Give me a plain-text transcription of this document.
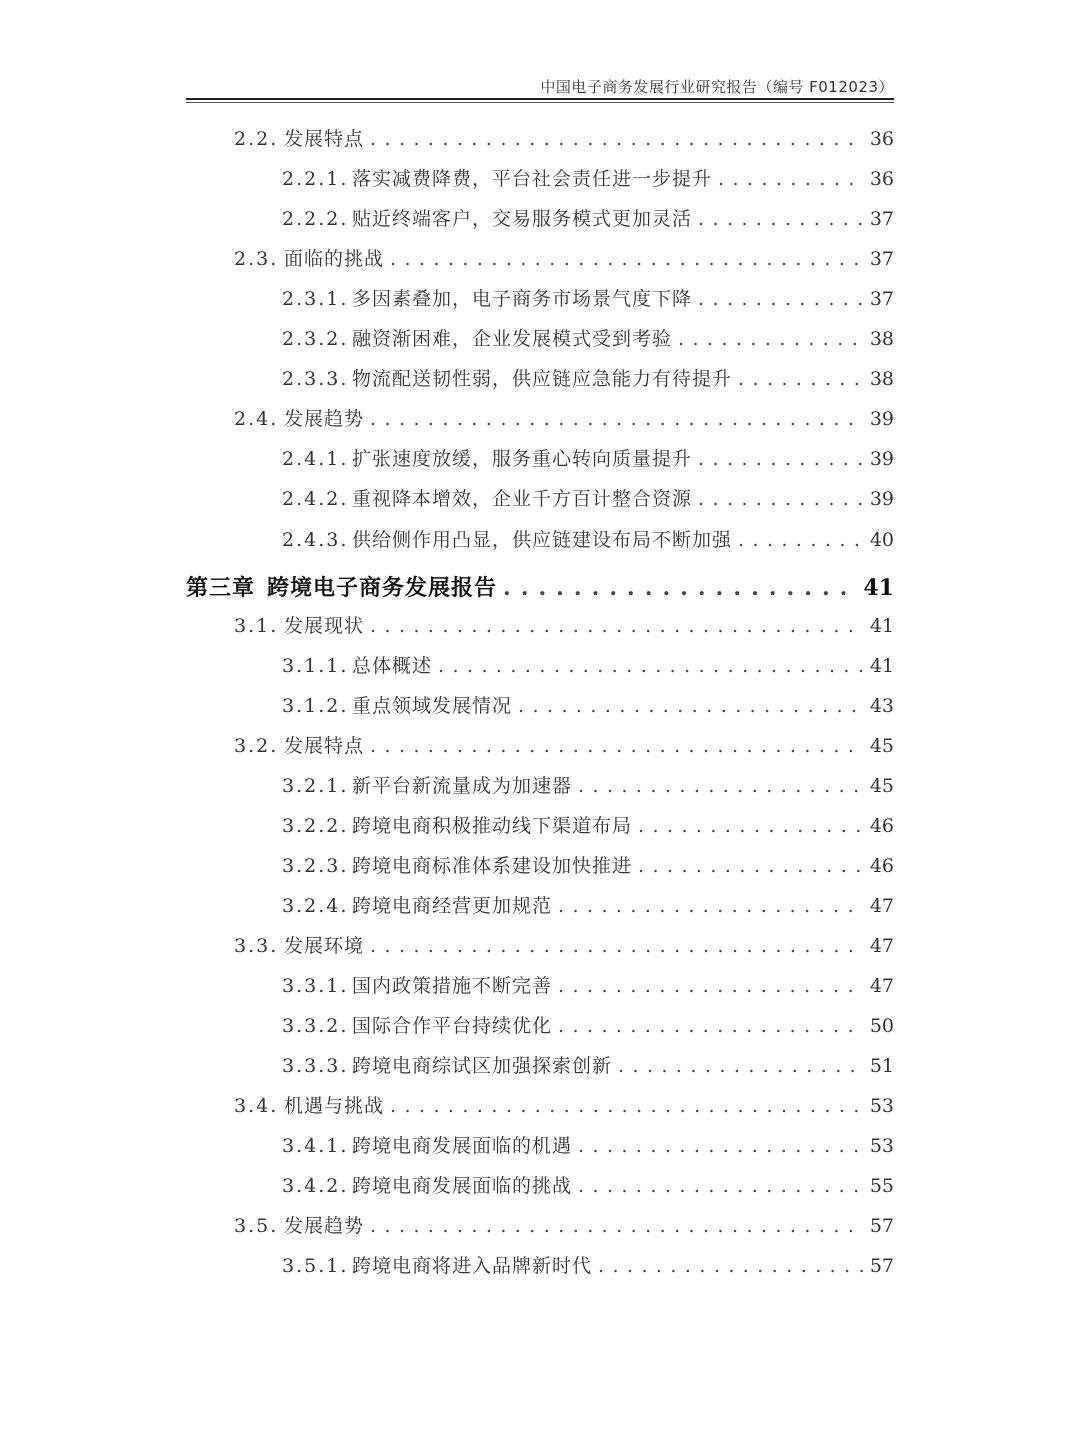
中国电子商务发展行业研究报告（编号 F012023）
2.2. 发展特点 . . .	36
2.2.1. 落实减费降费，平台社会责任进一步提升 . . .	36
2.2.2. 贴近终端客户，交易服务模式更加灵活 . . .	37
2.3. 面临的挑战 . . .	37
2.3.1. 多因素叠加，电子商务市场景气度下降 . . .	37
2.3.2. 融资渐困难，企业发展模式受到考验 . . .	38
2.3.3. 物流配送韧性弱，供应链应急能力有待提升 . . .	38
2.4. 发展趋势 . . .	39
2.4.1. 扩张速度放缓，服务重心转向质量提升 . . .	39
2.4.2. 重视降本增效，企业千方百计整合资源 . . .	39
2.4.3. 供给侧作用凸显，供应链建设布局不断加强 . . .	40
第三章 跨境电子商务发展报告 . . .	41
3.1. 发展现状 . . .	41
3.1.1. 总体概述 . . .	41
3.1.2. 重点领域发展情况 . . .	43
3.2. 发展特点 . . .	45
3.2.1. 新平台新流量成为加速器 . . .	45
3.2.2. 跨境电商积极推动线下渠道布局 . . .	46
3.2.3. 跨境电商标准体系建设加快推进 . . .	46
3.2.4. 跨境电商经营更加规范 . . .	47
3.3. 发展环境 . . .	47
3.3.1. 国内政策措施不断完善 . . .	47
3.3.2. 国际合作平台持续优化 . . .	50
3.3.3. 跨境电商综试区加强探索创新 . . .	51
3.4. 机遇与挑战 . . .	53
3.4.1. 跨境电商发展面临的机遇 . . .	53
3.4.2. 跨境电商发展面临的挑战 . . .	55
3.5. 发展趋势 . . .	57
3.5.1. 跨境电商将进入品牌新时代 . . .	57
